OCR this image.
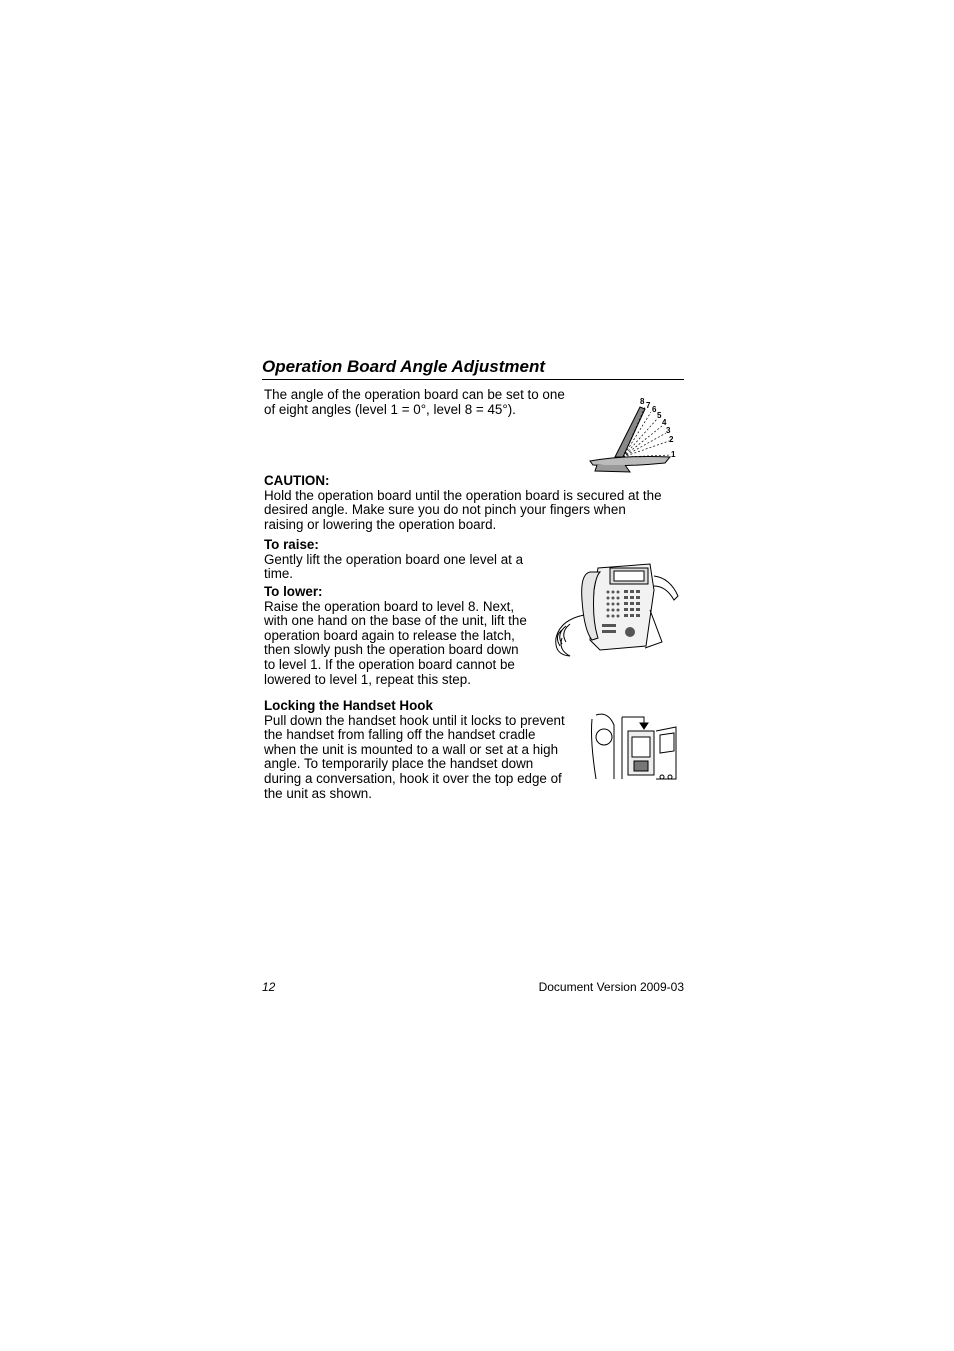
Operation Board Angle Adjustment

The angle of the operation board can be set to one
of eight angles (level 1 = 0°, level 8 = 45°).

8 7 6
5
4
3
2
1

CAUTION:
Hold the operation board until the operation board is secured at the
desired angle. Make sure you do not pinch your fingers when
raising or lowering the operation board.

To raise:
Gently lift the operation board one level at a
time.

To lower:
Raise the operation board to level 8. Next,
with one hand on the base of the unit, lift the
operation board again to release the latch,
then slowly push the operation board down
to level 1. If the operation board cannot be
lowered to level 1, repeat this step.

Locking the Handset Hook
Pull down the handset hook until it locks to prevent
the handset from falling off the handset cradle
when the unit is mounted to a wall or set at a high
angle. To temporarily place the handset down
during a conversation, hook it over the top edge of
the unit as shown.

12	Document Version 2009-03
